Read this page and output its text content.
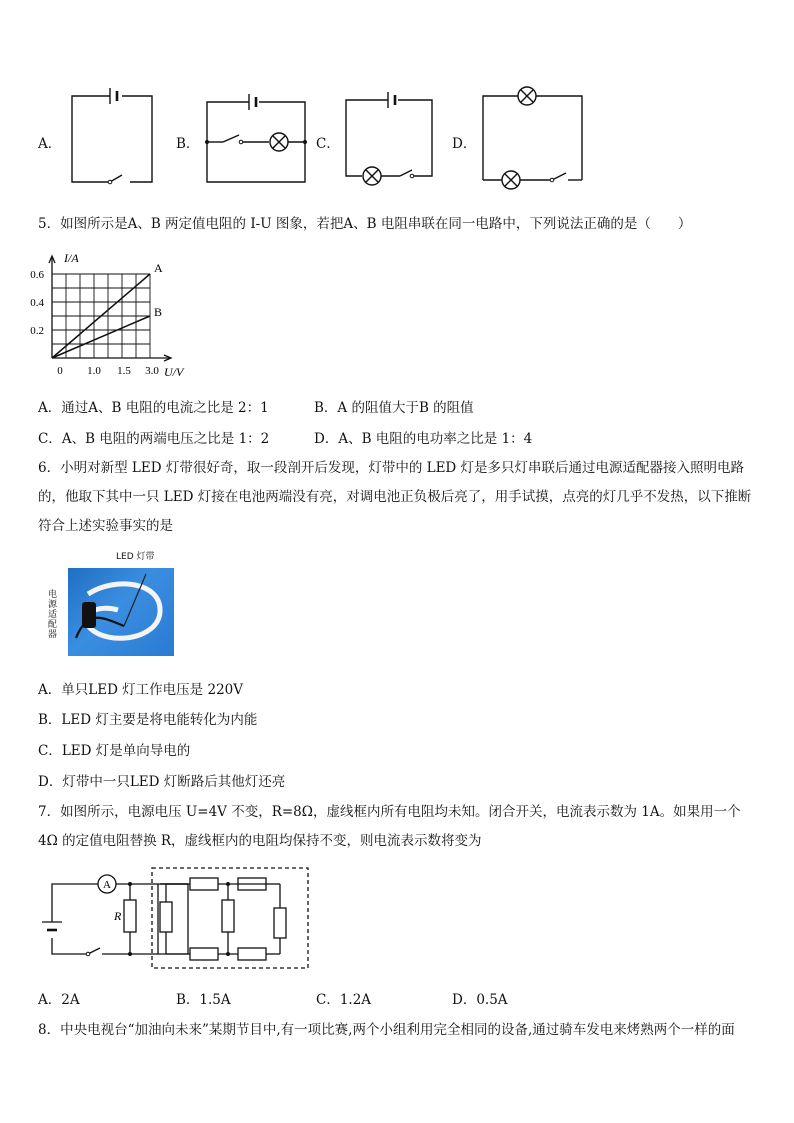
A．	B．	C．	D．
5．如图所示是A、B 两定值电阻的 I-U 图象，若把A、B 电阻串联在同一电路中，下列说法正确的是（　　）
I/A
U/V
A
B
0.6
0.4
0.2
0 1.0 1.5 3.0
A．通过A、B 电阻的电流之比是 2：1	B．A 的阻值大于B 的阻值
C．A、B 电阻的两端电压之比是 1：2	D．A、B 电阻的电功率之比是 1：4
6．小明对新型 LED 灯带很好奇，取一段剖开后发现，灯带中的 LED 灯是多只灯串联后通过电源适配器接入照明电路的，他取下其中一只 LED 灯接在电池两端没有亮，对调电池正负极后亮了，用手试摸，点亮的灯几乎不发热，以下推断符合上述实验事实的是
LED 灯带
电源适配器
A．单只LED 灯工作电压是 220V
B．LED 灯主要是将电能转化为内能
C．LED 灯是单向导电的
D．灯带中一只LED 灯断路后其他灯还亮
7．如图所示，电源电压 U=4V 不变，R=8Ω，虚线框内所有电阻均未知。闭合开关，电流表示数为 1A。如果用一个 4Ω 的定值电阻替换 R，虚线框内的电阻均保持不变，则电流表示数将变为
A
R
A．2A	B．1.5A	C．1.2A	D．0.5A
8．中央电视台“加油向未来”某期节目中,有一项比赛,两个小组利用完全相同的设备,通过骑车发电来烤熟两个一样的面
